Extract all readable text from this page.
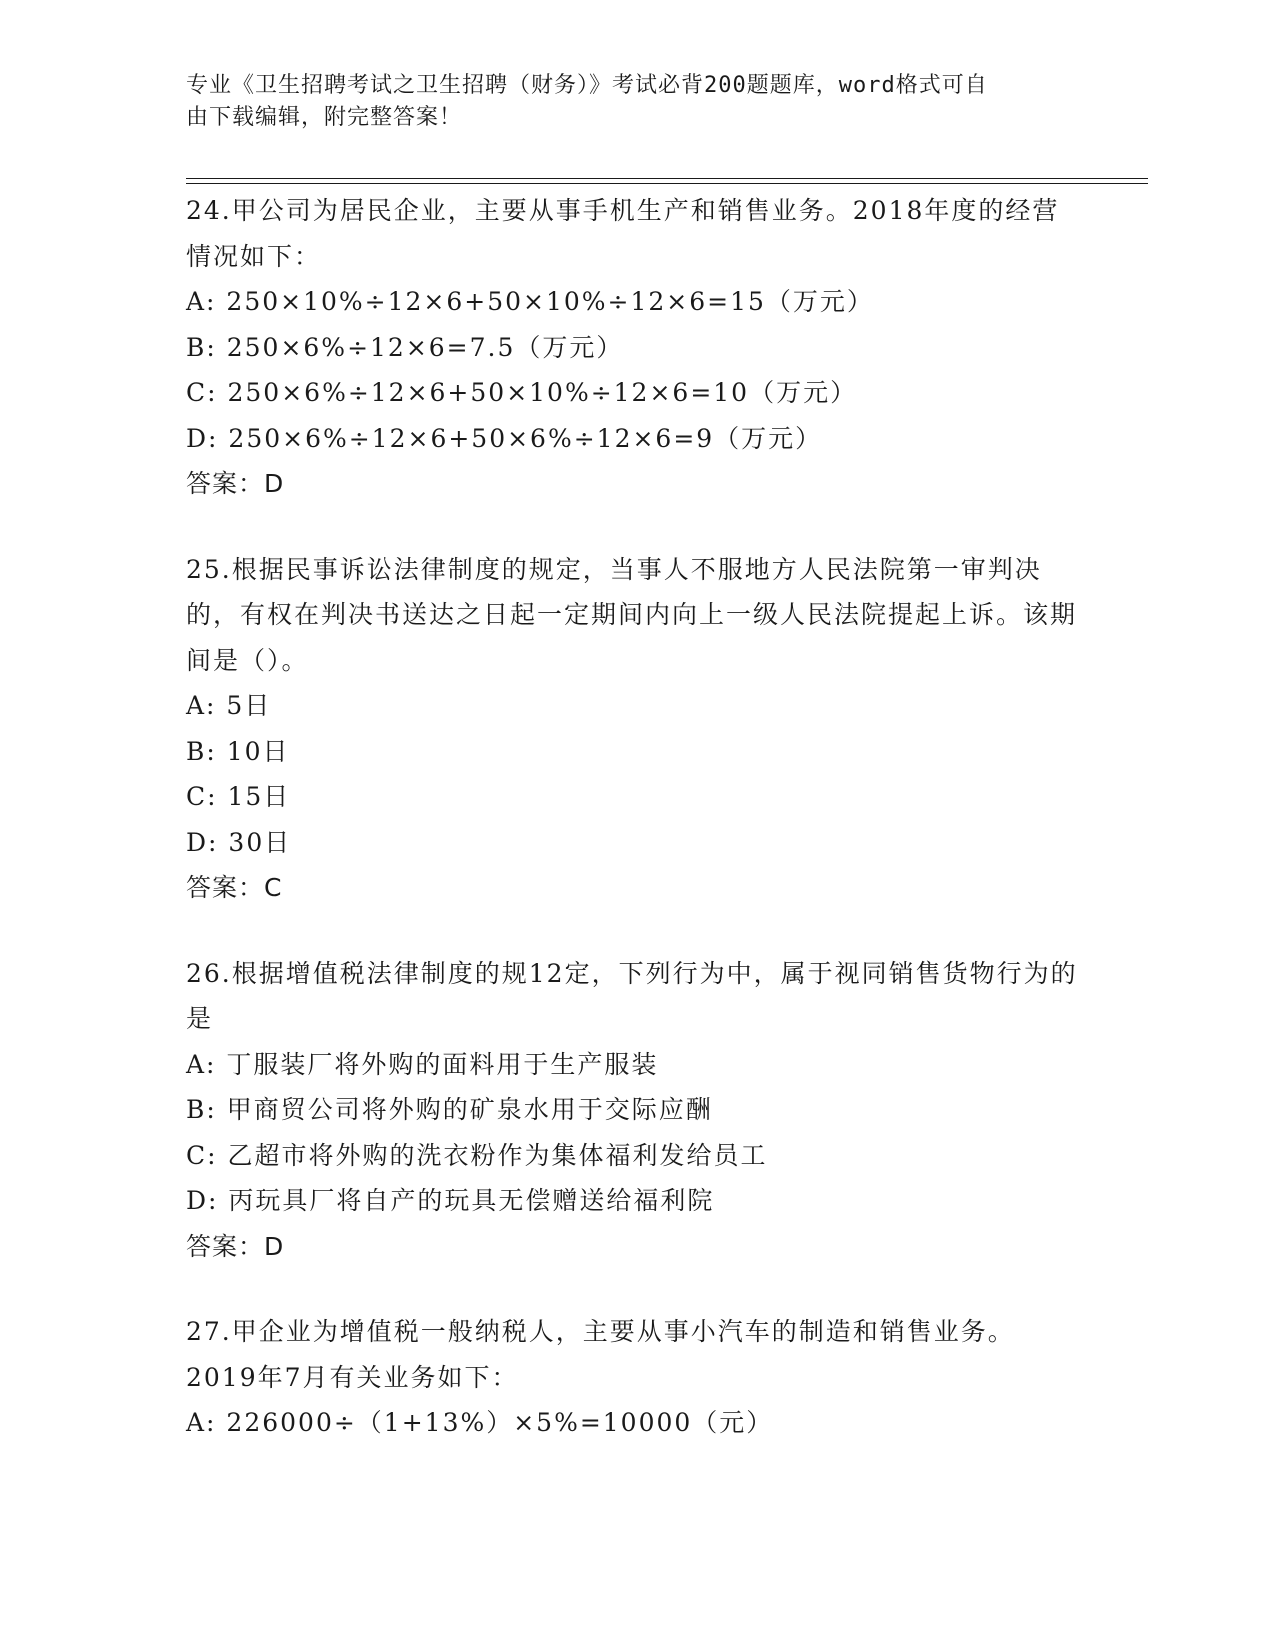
专业《卫生招聘考试之卫生招聘（财务）》考试必背200题题库，word格式可自
由下载编辑，附完整答案！
24.甲公司为居民企业，主要从事手机生产和销售业务。2018年度的经营情况如下：
A: 250×10%÷12×6+50×10%÷12×6=15（万元）
B: 250×6%÷12×6=7.5（万元）
C: 250×6%÷12×6+50×10%÷12×6=10（万元）
D: 250×6%÷12×6+50×6%÷12×6=9（万元）
答案：D
25.根据民事诉讼法律制度的规定，当事人不服地方人民法院第一审判决的，有权在判决书送达之日起一定期间内向上一级人民法院提起上诉。该期间是（）。
A: 5日
B: 10日
C: 15日
D: 30日
答案：C
26.根据增值税法律制度的规12定，下列行为中，属于视同销售货物行为的是
A: 丁服装厂将外购的面料用于生产服装
B: 甲商贸公司将外购的矿泉水用于交际应酬
C: 乙超市将外购的洗衣粉作为集体福利发给员工
D: 丙玩具厂将自产的玩具无偿赠送给福利院
答案：D
27.甲企业为增值税一般纳税人，主要从事小汽车的制造和销售业务。2019年7月有关业务如下：
A: 226000÷（1+13%）×5%=10000（元）
